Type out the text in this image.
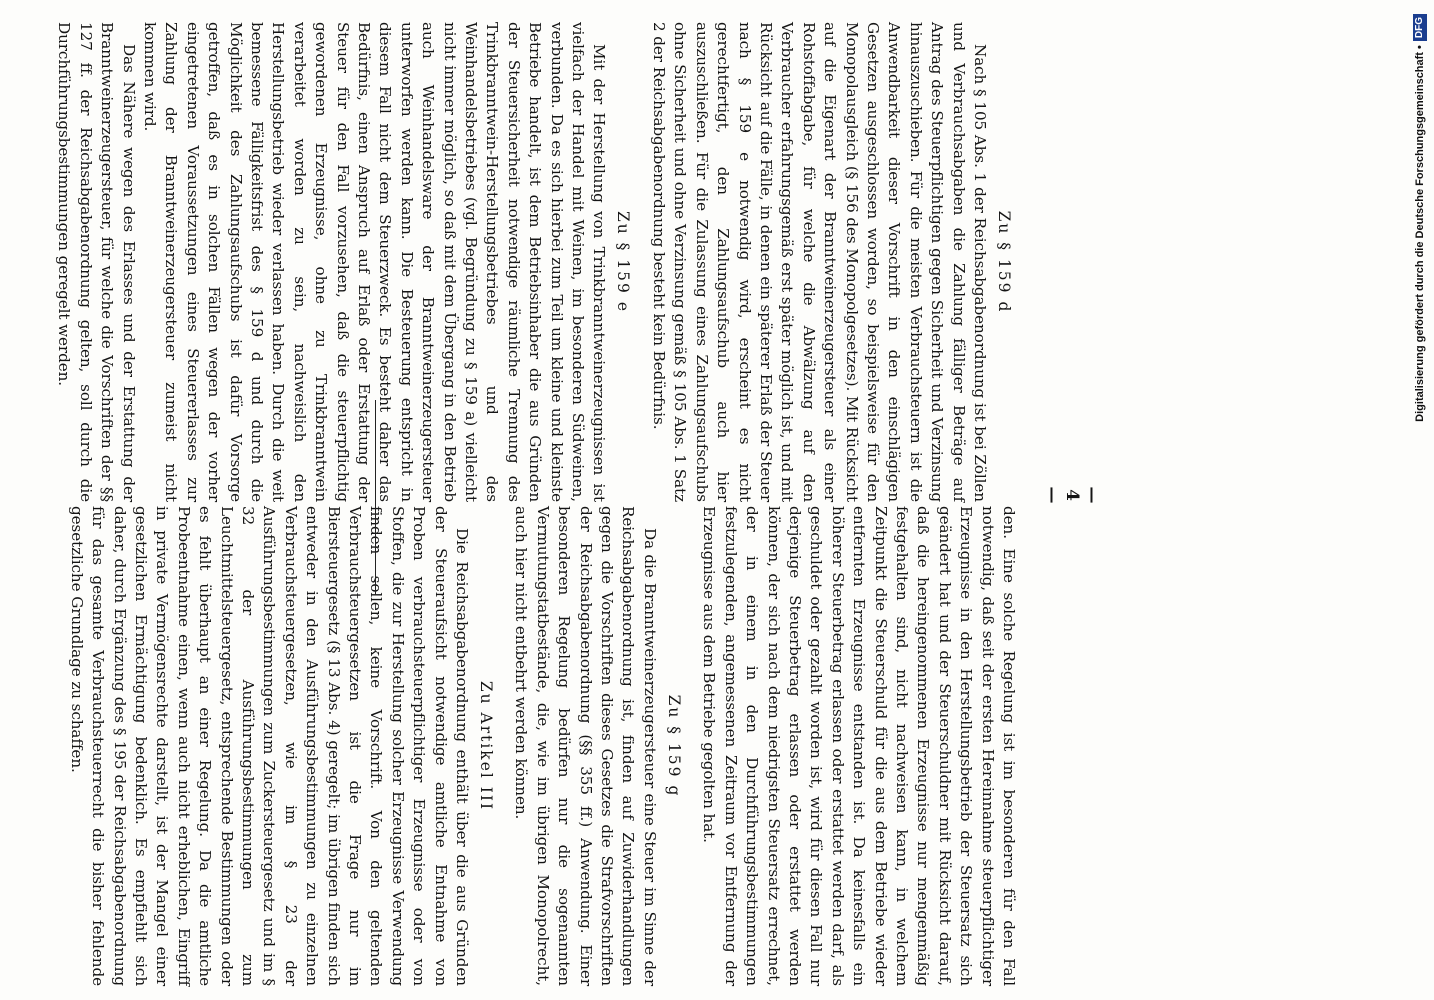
— 4 —
Zu § 159 d

Nach § 105 Abs. 1 der Reichsabgabenordnung ist bei Zöllen und Verbrauchsabgaben die Zahlung fälliger Beträge auf Antrag des Steuerpflichtigen gegen Sicherheit und Verzinsung hinauszuschieben. Für die meisten Verbrauchsteuern ist die Anwendbarkeit dieser Vorschrift in den einschlägigen Gesetzen ausgeschlossen worden, so beispielsweise für den Monopolausgleich (§ 156 des Monopolgesetzes). Mit Rücksicht auf die Eigenart der Branntweinerzeugersteuer als einer Rohstoffabgabe, für welche die Abwälzung auf den Verbraucher erfahrungsgemäß erst später möglich ist, und mit Rücksicht auf die Fälle, in denen ein späterer Erlaß der Steuer nach § 159 e notwendig wird, erscheint es nicht gerechtfertigt, den Zahlungsaufschub auch hier auszuschließen. Für die Zulassung eines Zahlungsaufschubs ohne Sicherheit und ohne Verzinsung gemäß § 105 Abs. 1 Satz 2 der Reichsabgabenordnung besteht kein Bedürfnis.

Zu § 159 e

Mit der Herstellung von Trinkbranntweinerzeugnissen ist vielfach der Handel mit Weinen, im besonderen Südweinen, verbunden. Da es sich hierbei zum Teil um kleine und kleinste Betriebe handelt, ist dem Betriebsinhaber die aus Gründen der Steuersicherheit notwendige räumliche Trennung des Trinkbranntwein-Herstellungsbetriebes und des Weinhandelsbetriebes (vgl. Begründung zu § 159 a) vielleicht nicht immer möglich, so daß mit dem Übergang in den Betrieb auch Weinhandelsware der Branntweinerzeugersteuer unterworfen werden kann. Die Besteuerung entspricht in diesem Fall nicht dem Steuerzweck. Es besteht daher das Bedürfnis, einen Anspruch auf Erlaß oder Erstattung der Steuer für den Fall vorzusehen, daß die steuerpflichtig gewordenen Erzeugnisse, ohne zu Trinkbranntwein verarbeitet worden zu sein, nachweislich den Herstellungsbetrieb wieder verlassen haben. Durch die weit bemessene Fälligkeitsfrist des § 159 d und durch die Möglichkeit des Zahlungsaufschubs ist dafür Vorsorge getroffen, daß es in solchen Fällen wegen der vorher eingetretenen Voraussetzungen eines Steuererlasses zur Zahlung der Branntweinerzeugersteuer zumeist nicht kommen wird.

Das Nähere wegen des Erlasses und der Erstattung der Branntweinerzeugersteuer, für welche die Vorschriften der §§ 127 ff. der Reichsabgabenordnung gelten, soll durch die Durchführungsbestimmungen geregelt werden.

den. Eine solche Regelung ist im besonderen für den Fall notwendig, daß seit der ersten Hereinnahme steuerpflichtiger Erzeugnisse in den Herstellungsbetrieb der Steuersatz sich geändert hat und der Steuerschuldner mit Rücksicht darauf, daß die hereingenommenen Erzeugnisse nur mengenmäßig festgehalten sind, nicht nachweisen kann, in welchem Zeitpunkt die Steuerschuld für die aus dem Betriebe wieder entfernten Erzeugnisse entstanden ist. Da keinesfalls ein höherer Steuerbetrag erlassen oder erstattet werden darf, als geschuldet oder gezahlt worden ist, wird für diesen Fall nur derjenige Steuerbetrag erlassen oder erstattet werden können, der sich nach dem niedrigsten Steuersatz errechnet, der in einem in den Durchführungsbestimmungen festzulegenden, angemessenen Zeitraum vor Entfernung der Erzeugnisse aus dem Betriebe gegolten hat.

Zu § 159 g

Da die Branntweinerzeugersteuer eine Steuer im Sinne der Reichsabgabenordnung ist, finden auf Zuwiderhandlungen gegen die Vorschriften dieses Gesetzes die Strafvorschriften der Reichsabgabenordnung (§§ 355 ff.) Anwendung. Einer besonderen Regelung bedürfen nur die sogenannten Vermutungstatbestände, die, wie im übrigen Monopolrecht, auch hier nicht entbehrt werden können.

Zu Artikel III

Die Reichsabgabenordnung enthält über die aus Gründen der Steueraufsicht notwendige amtliche Entnahme von Proben verbrauchsteuerpflichtiger Erzeugnisse oder von Stoffen, die zur Herstellung solcher Erzeugnisse Verwendung finden sollen, keine Vorschrift. Von den geltenden Verbrauchsteuergesetzen ist die Frage nur im Biersteuergesetz (§ 13 Abs. 4) geregelt; im übrigen finden sich entweder in den Ausführungsbestimmungen zu einzelnen Verbrauchsteuergesetzen, wie im § 23 der Ausführungsbestimmungen zum Zuckersteuergesetz und im § 32 der Ausführungsbestimmungen zum Leuchtmittelsteuergesetz, entsprechende Bestimmungen oder es fehlt überhaupt an einer Regelung. Da die amtliche Probeentnahme einen, wenn auch nicht erheblichen, Eingriff in private Vermögensrechte darstellt, ist der Mangel einer gesetzlichen Ermächtigung bedenklich. Es empfiehlt sich daher, durch Ergänzung des § 195 der Reichsabgabenordnung für das gesamte Verbrauchsteuerrecht die bisher fehlende gesetzliche Grundlage zu schaffen.

Digitalisierung gefördert durch die Deutsche Forschungsgemeinschaft •
DFG
